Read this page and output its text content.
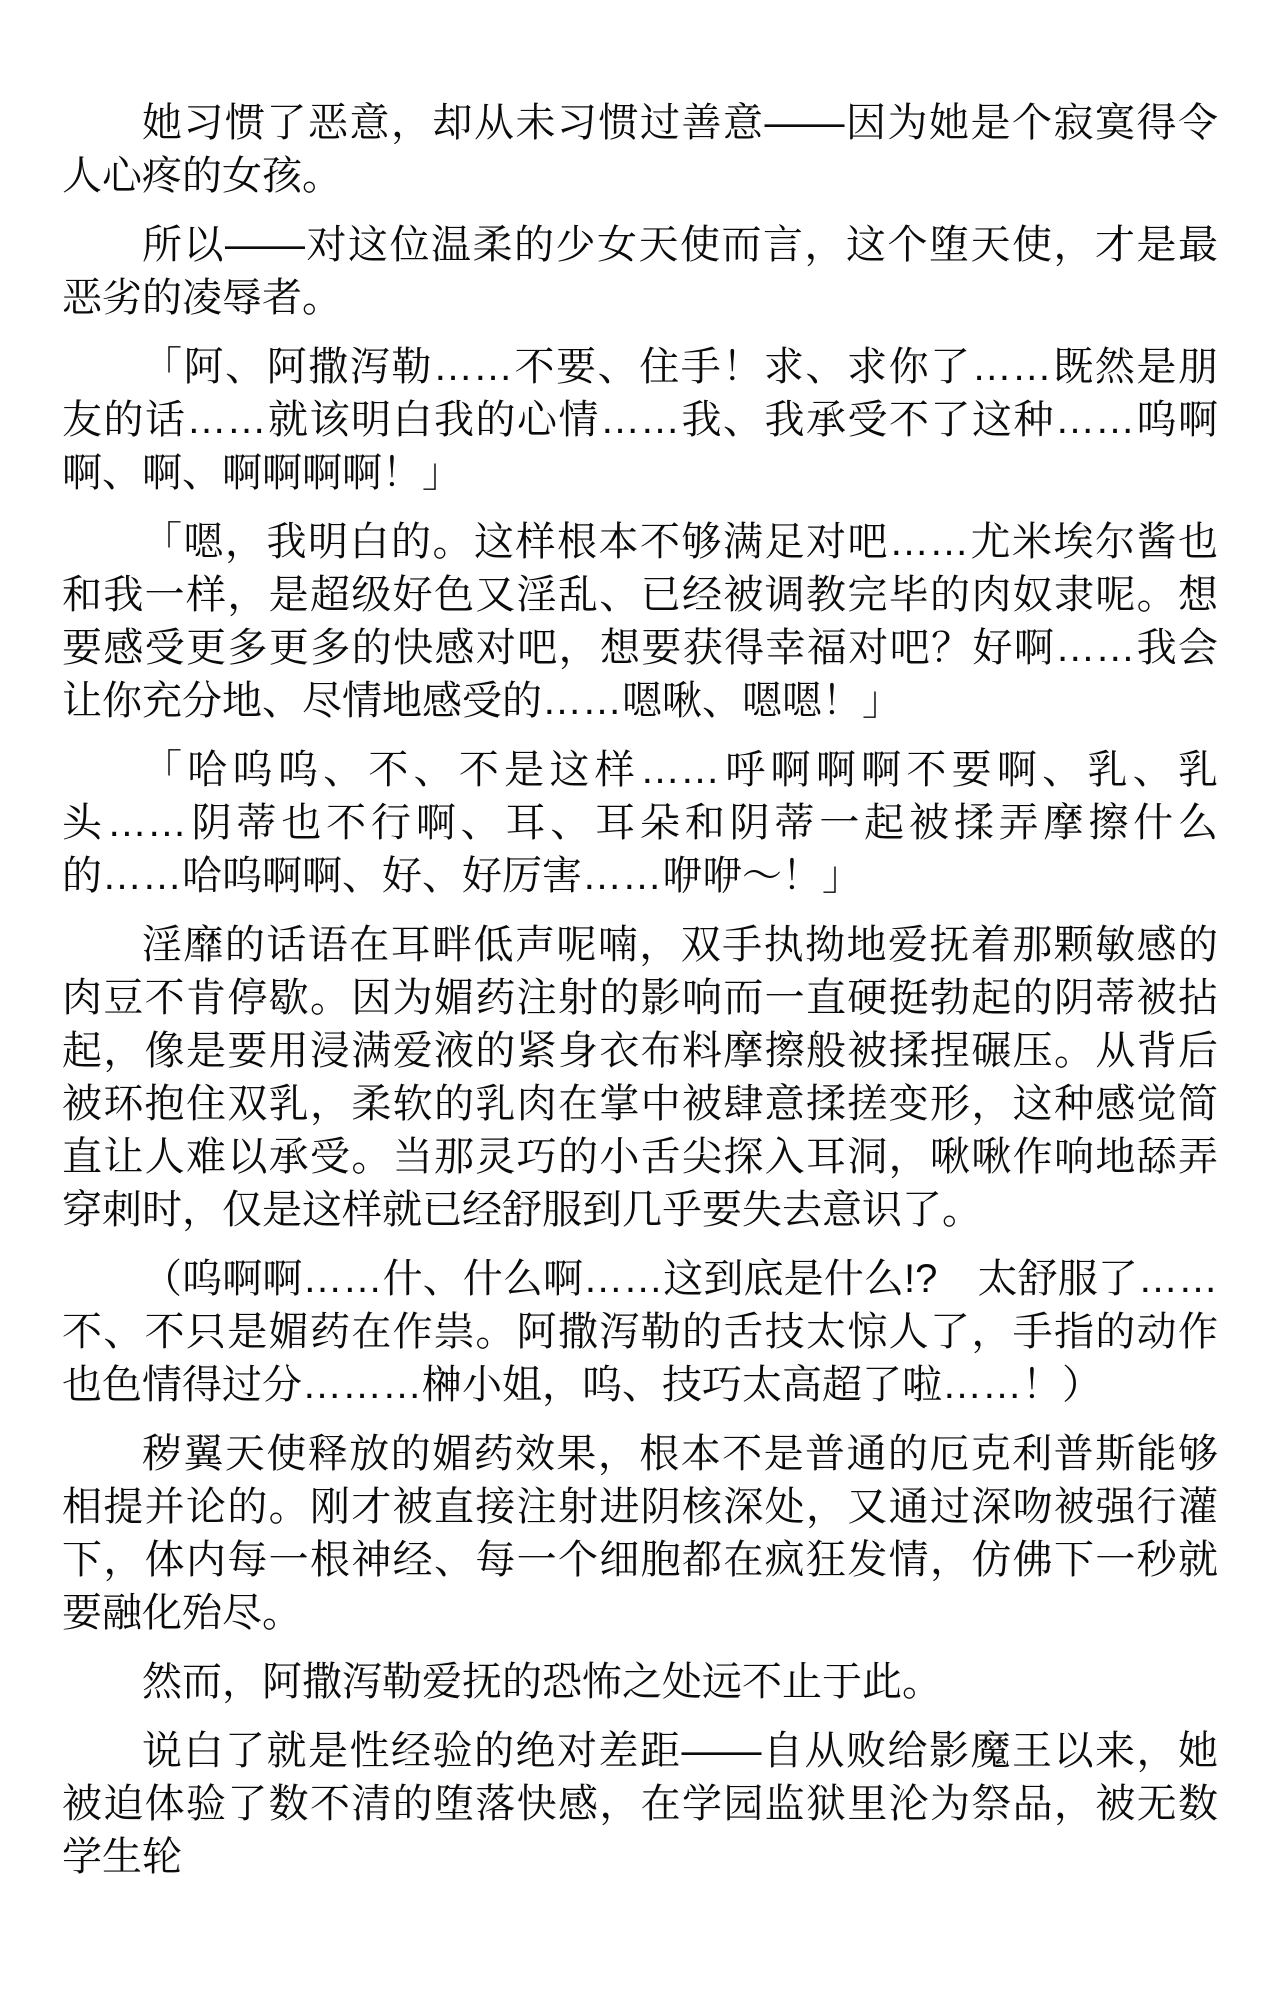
她习惯了恶意，却从未习惯过善意——因为她是个寂寞得令人心疼的女孩。

所以——对这位温柔的少女天使而言，这个堕天使，才是最恶劣的凌辱者。

「阿、阿撒泻勒……不要、住手！求、求你了……既然是朋友的话……就该明白我的心情……我、我承受不了这种……呜啊啊、啊、啊啊啊啊！」

「嗯，我明白的。这样根本不够满足对吧……尤米埃尔酱也和我一样，是超级好色又淫乱、已经被调教完毕的肉奴隶呢。想要感受更多更多的快感对吧，想要获得幸福对吧？好啊……我会让你充分地、尽情地感受的……嗯啾、嗯嗯！」

「哈呜呜、不、不是这样……呼啊啊啊不要啊、乳、乳头……阴蒂也不行啊、耳、耳朵和阴蒂一起被揉弄摩擦什么的……哈呜啊啊、好、好厉害……咿咿～！」

淫靡的话语在耳畔低声呢喃，双手执拗地爱抚着那颗敏感的肉豆不肯停歇。因为媚药注射的影响而一直硬挺勃起的阴蒂被拈起，像是要用浸满爱液的紧身衣布料摩擦般被揉捏碾压。从背后被环抱住双乳，柔软的乳肉在掌中被肆意揉搓变形，这种感觉简直让人难以承受。当那灵巧的小舌尖探入耳洞，啾啾作响地舔弄穿刺时，仅是这样就已经舒服到几乎要失去意识了。

（呜啊啊……什、什么啊……这到底是什么!?　太舒服了……不、不只是媚药在作祟。阿撒泻勒的舌技太惊人了，手指的动作也色情得过分………榊小姐，呜、技巧太高超了啦……！）

秽翼天使释放的媚药效果，根本不是普通的厄克利普斯能够相提并论的。刚才被直接注射进阴核深处，又通过深吻被强行灌下，体内每一根神经、每一个细胞都在疯狂发情，仿佛下一秒就要融化殆尽。

然而，阿撒泻勒爱抚的恐怖之处远不止于此。

说白了就是性经验的绝对差距——自从败给影魔王以来，她被迫体验了数不清的堕落快感，在学园监狱里沦为祭品，被无数学生轮
